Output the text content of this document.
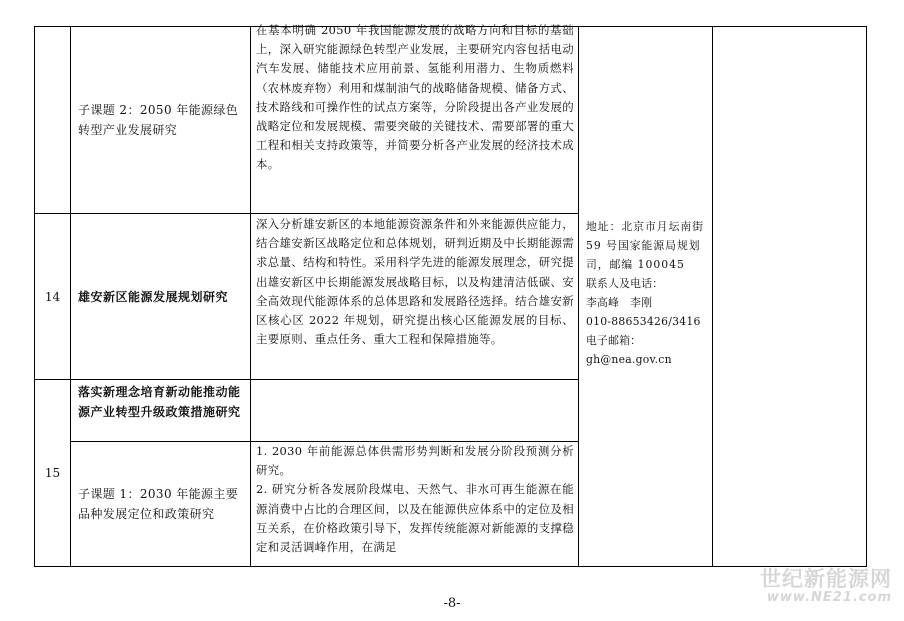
子课题 2：2050 年能源绿色转型产业发展研究

在基本明确 2050 年我国能源发展的战略方向和目标的基础上，深入研究能源绿色转型产业发展，主要研究内容包括电动汽车发展、储能技术应用前景、氢能利用潜力、生物质燃料（农林废弃物）利用和煤制油气的战略储备规模、储备方式、技术路线和可操作性的试点方案等，分阶段提出各产业发展的战略定位和发展规模、需要突破的关键技术、需要部署的重大工程和相关支持政策等，并简要分析各产业发展的经济技术成本。

14 雄安新区能源发展规划研究

深入分析雄安新区的本地能源资源条件和外来能源供应能力，结合雄安新区战略定位和总体规划，研判近期及中长期能源需求总量、结构和特性。采用科学先进的能源发展理念，研究提出雄安新区中长期能源发展战略目标，以及构建清洁低碳、安全高效现代能源体系的总体思路和发展路径选择。结合雄安新区核心区 2022 年规划，研究提出核心区能源发展的目标、主要原则、重点任务、重大工程和保障措施等。

15
落实新理念培育新动能推动能源产业转型升级政策措施研究
子课题 1：2030 年能源主要品种发展定位和政策研究

1. 2030 年前能源总体供需形势判断和发展分阶段预测分析研究。
2. 研究分析各发展阶段煤电、天然气、非水可再生能源在能源消费中占比的合理区间，以及在能源供应体系中的定位及相互关系，在价格政策引导下，发挥传统能源对新能源的支撑稳定和灵活调峰作用，在满足

地址：北京市月坛南街 59 号国家能源局规划司，邮编 100045
联系人及电话：
李高峰　李刚
010-88653426/3416
电子邮箱：
gh@nea.gov.cn
-8-
世纪新能源网
www.NE21.com
